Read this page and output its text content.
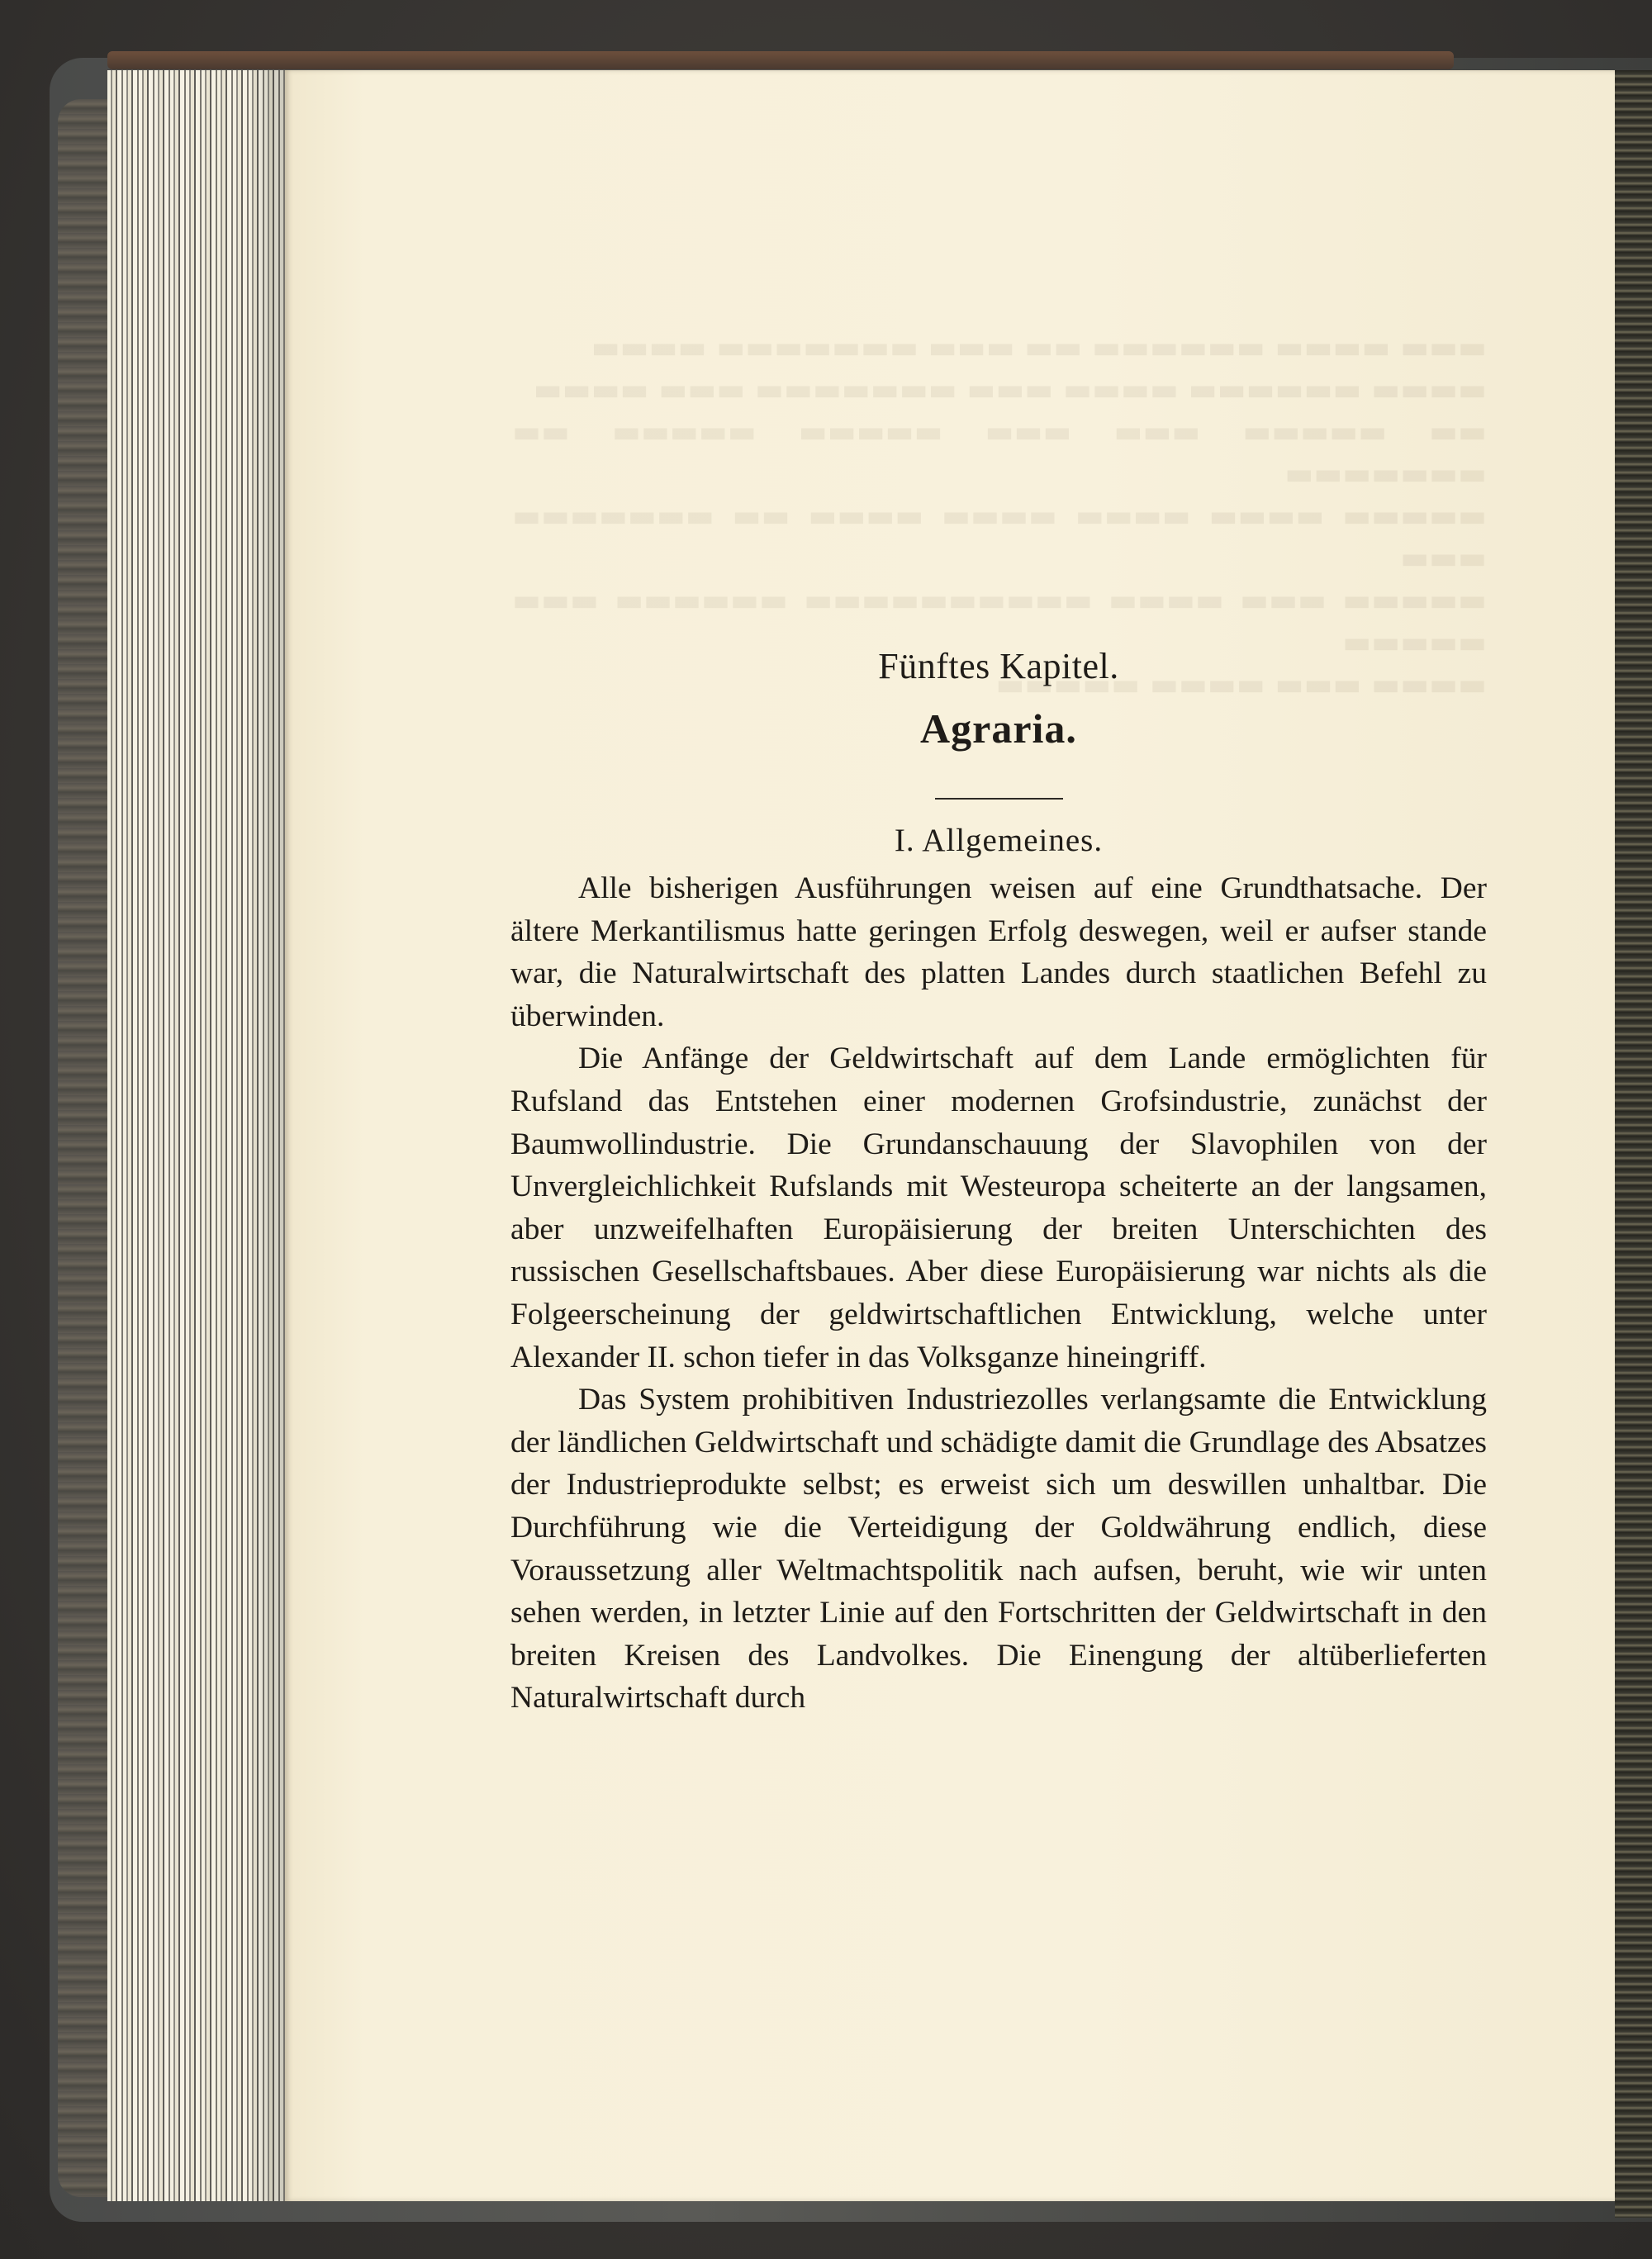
▬▬▬ ▬▬▬▬ ▬▬▬▬▬▬ ▬▬ ▬▬▬ ▬▬▬▬▬▬▬ ▬▬▬▬
▬▬▬▬ ▬▬▬▬▬▬ ▬▬▬▬ ▬▬▬ ▬▬▬▬▬▬▬ ▬▬▬ ▬▬▬▬
▬▬ ▬▬▬▬▬ ▬▬▬ ▬▬▬ ▬▬▬▬▬ ▬▬▬▬▬ ▬▬ ▬▬▬▬▬▬▬
▬▬▬▬▬ ▬▬▬▬ ▬▬▬▬ ▬▬▬▬ ▬▬▬▬ ▬▬ ▬▬▬▬▬▬▬ ▬▬▬
▬▬▬▬▬ ▬▬▬ ▬▬▬▬ ▬▬▬▬▬▬▬▬▬▬ ▬▬▬▬▬▬ ▬▬▬ ▬▬▬▬▬
▬▬▬▬ ▬▬▬ ▬▬▬▬ ▬▬▬▬▬

Fünftes Kapitel.

Agraria.

I. Allgemeines.

Alle bisherigen Ausführungen weisen auf eine Grundthatsache. Der ältere Merkantilismus hatte geringen Erfolg deswegen, weil er aufser stande war, die Naturalwirtschaft des platten Landes durch staatlichen Befehl zu überwinden.

Die Anfänge der Geldwirtschaft auf dem Lande ermöglichten für Rufsland das Entstehen einer modernen Grofsindustrie, zunächst der Baumwollindustrie. Die Grundanschauung der Slavophilen von der Unvergleichlichkeit Rufslands mit Westeuropa scheiterte an der langsamen, aber unzweifelhaften Europäisierung der breiten Unterschichten des russischen Gesellschaftsbaues. Aber diese Europäisierung war nichts als die Folgeerscheinung der geldwirtschaftlichen Entwicklung, welche unter Alexander II. schon tiefer in das Volksganze hineingriff.

Das System prohibitiven Industriezolles verlangsamte die Entwicklung der ländlichen Geldwirtschaft und schädigte damit die Grundlage des Absatzes der Industrieprodukte selbst; es erweist sich um deswillen unhaltbar. Die Durchführung wie die Verteidigung der Goldwährung endlich, diese Voraussetzung aller Weltmachtspolitik nach aufsen, beruht, wie wir unten sehen werden, in letzter Linie auf den Fortschritten der Geldwirtschaft in den breiten Kreisen des Landvolkes. Die Einengung der altüberlieferten Naturalwirtschaft durch
